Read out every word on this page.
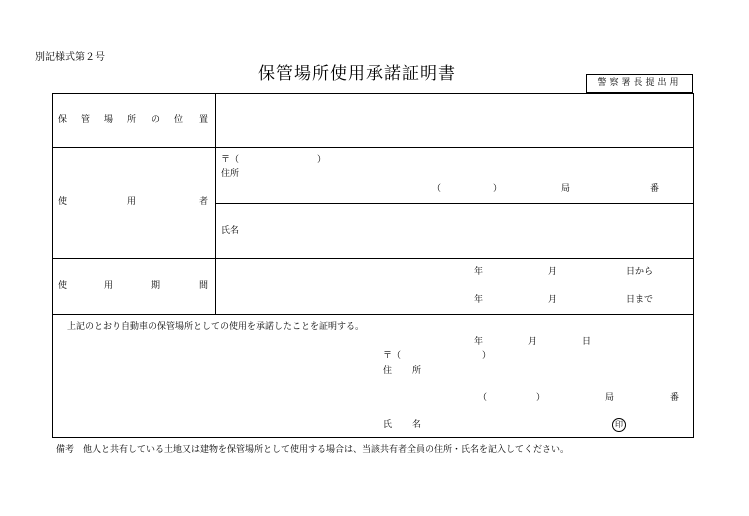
別記様式第２号
保管場所使用承諾証明書	警察署長提出用
保 管 場 所 の 位 置
使	用	者
〒（	）
住所
（	）	局	番
氏名
使	用	期	間
年	月	日から
年	月	日まで
上記のとおり自動車の保管場所としての使用を承諾したことを証明する。
年	月	日
〒（	）
住 所
（	）	局	番
氏 名	印
備考　他人と共有している土地又は建物を保管場所として使用する場合は、当該共有者全員の住所・氏名を記入してください。
